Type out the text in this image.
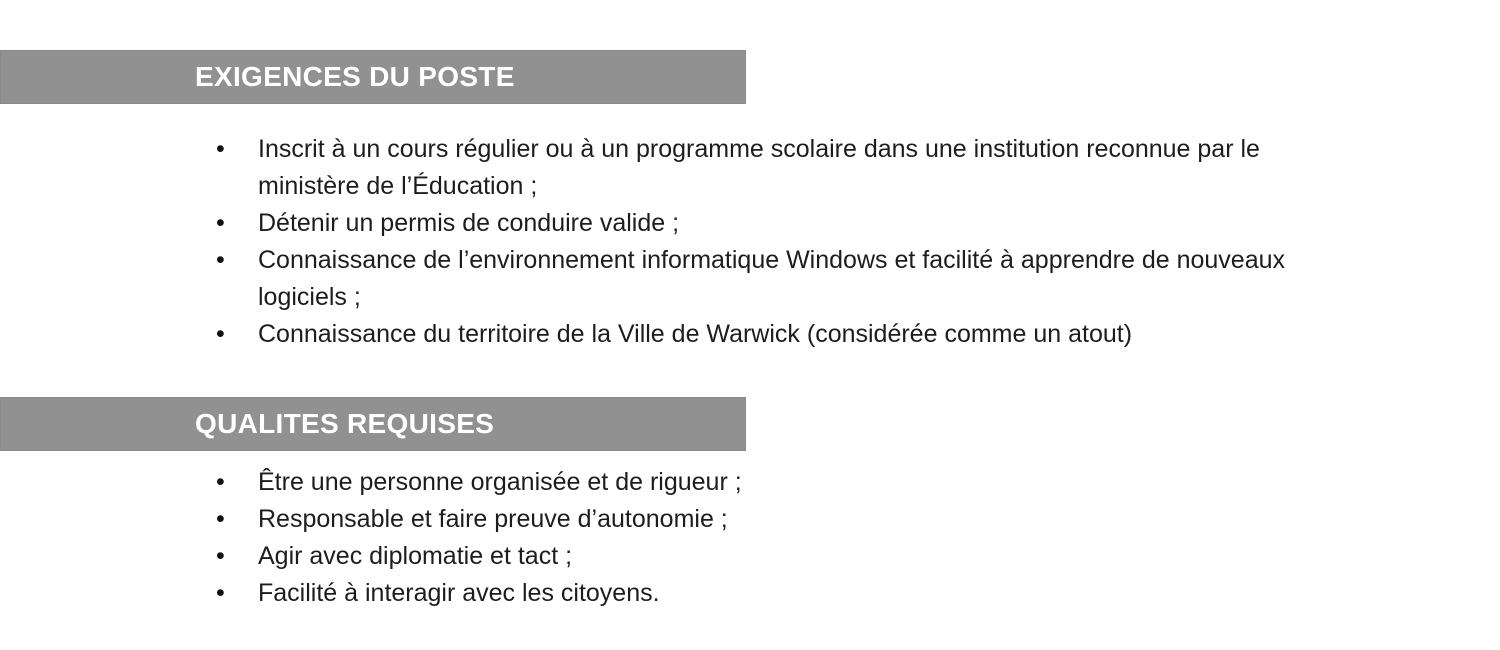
EXIGENCES DU POSTE
• Inscrit à un cours régulier ou à un programme scolaire dans une institution reconnue par le ministère de l’Éducation ;
• Détenir un permis de conduire valide ;
• Connaissance de l’environnement informatique Windows et facilité à apprendre de nouveaux logiciels ;
• Connaissance du territoire de la Ville de Warwick (considérée comme un atout)
QUALITES REQUISES
• Être une personne organisée et de rigueur ;
• Responsable et faire preuve d’autonomie ;
• Agir avec diplomatie et tact ;
• Facilité à interagir avec les citoyens.
